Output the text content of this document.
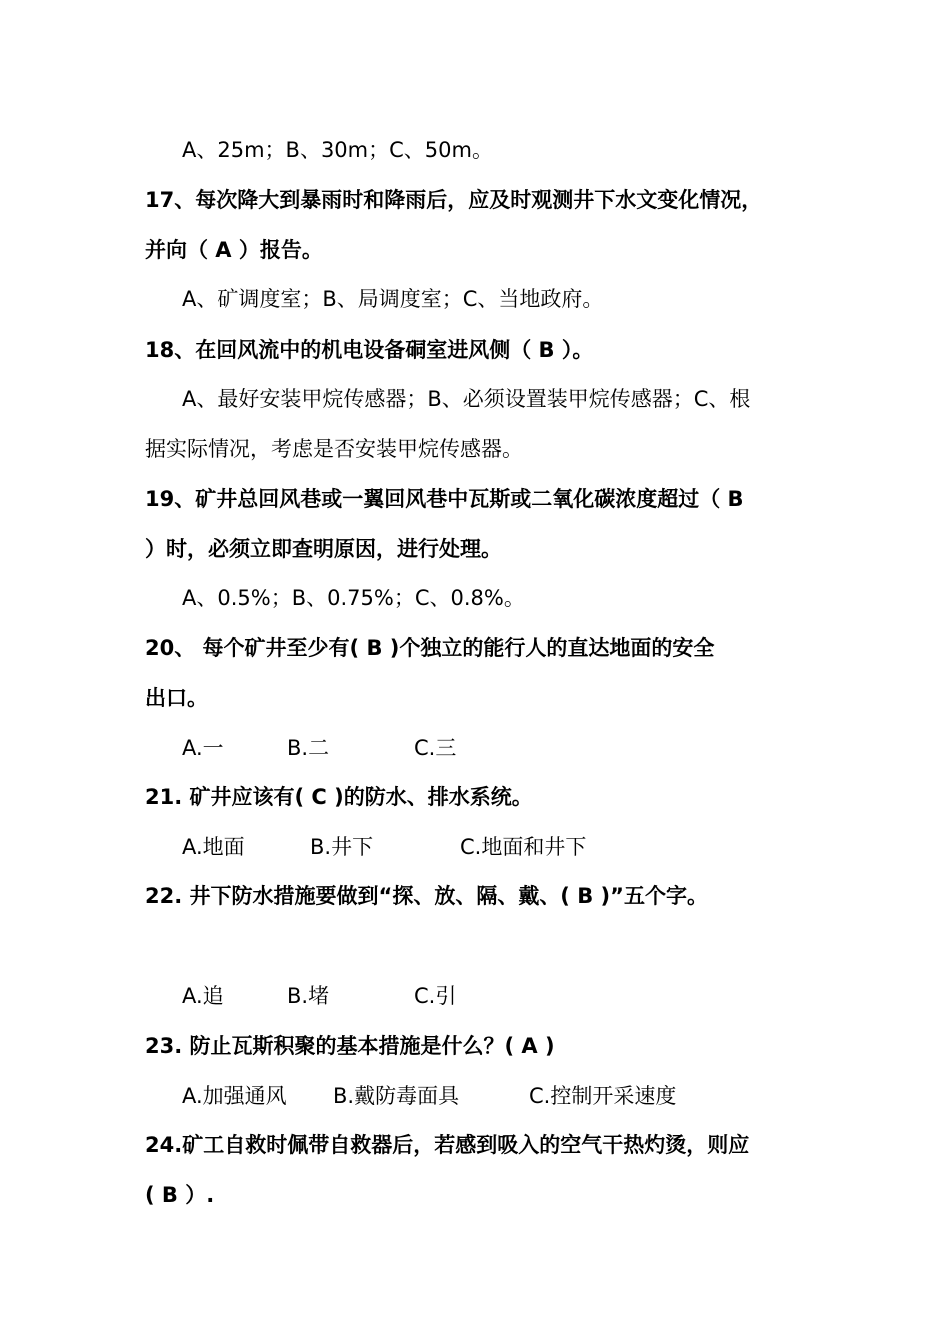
A、25m；B、30m；C、50m。
17、每次降大到暴雨时和降雨后，应及时观测井下水文变化情况，
并向（ A ）报告。
A、矿调度室；B、局调度室；C、当地政府。
18、在回风流中的机电设备硐室进风侧（ B ）。
A、最好安装甲烷传感器；B、必须设置装甲烷传感器；C、根
据实际情况，考虑是否安装甲烷传感器。
19、矿井总回风巷或一翼回风巷中瓦斯或二氧化碳浓度超过（ B
）时，必须立即查明原因，进行处理。
A、0.5%；B、0.75%；C、0.8%。
20、 每个矿井至少有( B )个独立的能行人的直达地面的安全
出口。
A.一	B.二	C.三
21. 矿井应该有( C )的防水、排水系统。
A.地面	B.井下	C.地面和井下
22. 井下防水措施要做到“探、放、隔、戴、( B )”五个字。
A.追	B.堵	C.引
23. 防止瓦斯积聚的基本措施是什么？( A )
A.加强通风 B.戴防毒面具	C.控制开采速度
24.矿工自救时佩带自救器后，若感到吸入的空气干热灼烫，则应
( B ）.
